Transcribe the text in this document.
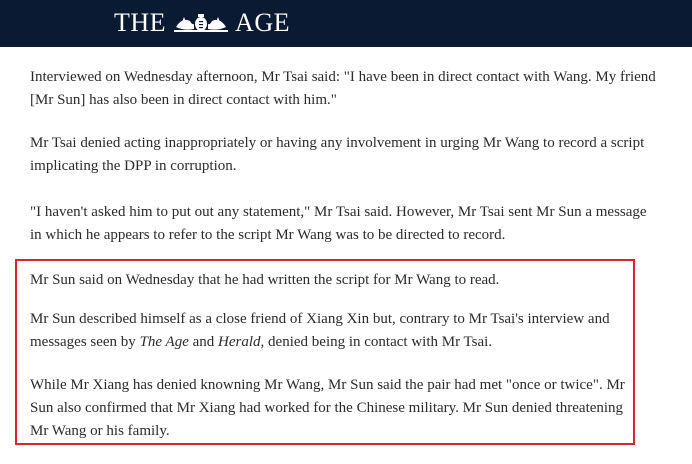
THE	AGE

Interviewed on Wednesday afternoon, Mr Tsai said: "I have been in direct contact with Wang. My friend [Mr Sun] has also been in direct contact with him."

Mr Tsai denied acting inappropriately or having any involvement in urging Mr Wang to record a script implicating the DPP in corruption.

"I haven't asked him to put out any statement," Mr Tsai said. However, Mr Tsai sent Mr Sun a message in which he appears to refer to the script Mr Wang was to be directed to record.

Mr Sun said on Wednesday that he had written the script for Mr Wang to read.

Mr Sun described himself as a close friend of Xiang Xin but, contrary to Mr Tsai's interview and messages seen by The Age and Herald, denied being in contact with Mr Tsai.

While Mr Xiang has denied knowning Mr Wang, Mr Sun said the pair had met "once or twice". Mr Sun also confirmed that Mr Xiang had worked for the Chinese military. Mr Sun denied threatening Mr Wang or his family.
